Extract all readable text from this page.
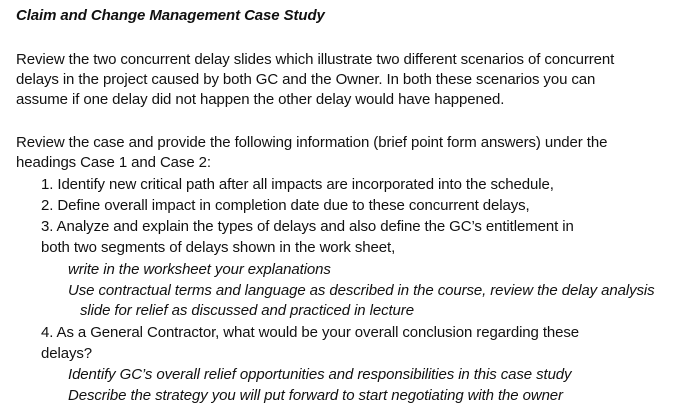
Claim and Change Management Case Study
Review the two concurrent delay slides which illustrate two different scenarios of concurrent
delays in the project caused by both GC and the Owner. In both these scenarios you can
assume if one delay did not happen the other delay would have happened.
Review the case and provide the following information (brief point form answers) under the
headings Case 1 and Case 2:
1. Identify new critical path after all impacts are incorporated into the schedule,
2. Define overall impact in completion date due to these concurrent delays,
3. Analyze and explain the types of delays and also define the GC’s entitlement in
both two segments of delays shown in the work sheet,
write in the worksheet your explanations
Use contractual terms and language as described in the course, review the delay analysis
slide for relief as discussed and practiced in lecture
4. As a General Contractor, what would be your overall conclusion regarding these
delays?
Identify GC’s overall relief opportunities and responsibilities in this case study
Describe the strategy you will put forward to start negotiating with the owner
